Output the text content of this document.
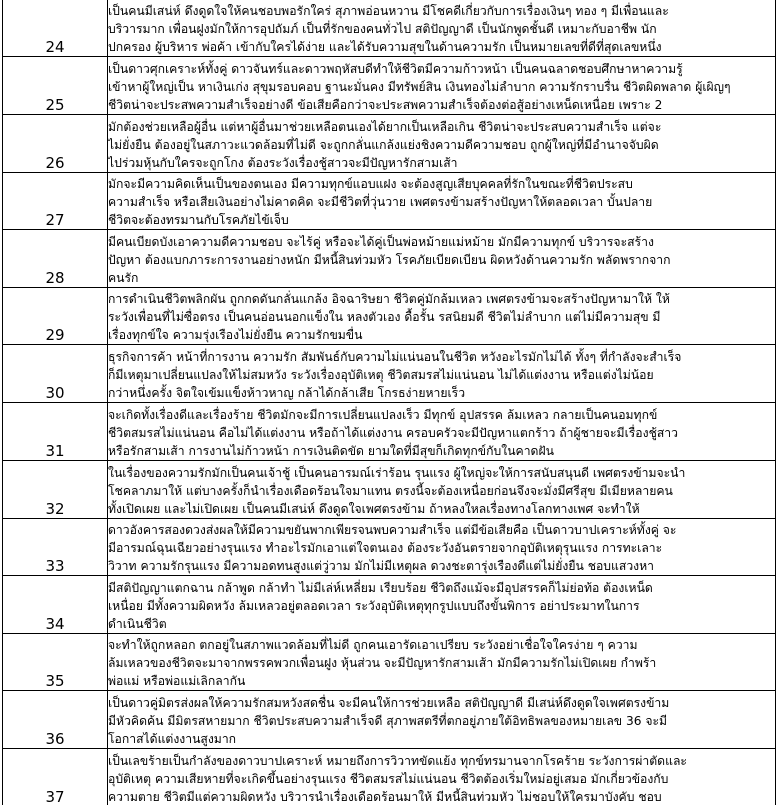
24	เป็นคนมีเสน่ห์ ดึงดูดใจให้คนชอบพอรักใคร่ สุภาพอ่อนหวาน มีโชคดีเกี่ยวกับการเรื่องเงินๆ ทอง ๆ มีเพื่อนและ
บริวารมาก เพื่อนฝูงมักให้การอุปถัมภ์ เป็นที่รักของคนทั่วไป สติปัญญาดี เป็นนักพูดชั้นดี เหมาะกับอาชีพ นัก
ปกครอง ผู้บริหาร พ่อค้า เข้ากับใครได้ง่าย และได้รับความสุขในด้านความรัก เป็นหมายเลขที่ดีที่สุดเลขหนึ่ง

25	เป็นดาวศุกเคราะห์ทั้งคู่ ดาวจันทร์และดาวพฤหัสบดีทำให้ชีวิตมีความก้าวหน้า เป็นคนฉลาดชอบศึกษาหาความรู้
เข้าหาผู้ใหญ่เป็น หาเงินเก่ง สุขุมรอบคอบ ฐานะมั่นคง มีทรัพย์สิน เงินทองไม่ลำบาก ความรักราบรื่น ชีวิตผิดพลาด ผู้เผิญๆ
ชีวิตน่าจะประสพความสำเร็จอย่างดี ข้อเสียคือกว่าจะประสพความสำเร็จต้องต่อสู้อย่างเหน็ดเหนื่อย เพราะ 2

26	มักต้องช่วยเหลือผู้อื่น แต่หาผู้อื่นมาช่วยเหลือตนเองได้ยากเป็นเหลือเกิน ชีวิตน่าจะประสบความสำเร็จ แต่จะ
ไม่ยั่งยืน ต้องอยู่ในสภาวะแวดล้อมที่ไม่ดี จะถูกกลั่นแกล้งแย่งชิงความดีความชอบ ถูกผู้ใหญ่ที่มีอำนาจจับผิด
ไปร่วมหุ้นกับใครจะถูกโกง ต้องระวังเรื่องชู้สาวจะมีปัญหารักสามเส้า

27	มักจะมีความคิดเห็นเป็นของตนเอง มีความทุกข์แอบแฝง จะต้องสูญเสียบุคคลที่รักในขณะที่ชีวิตประสบ
ความสำเร็จ หรือเสียเงินอย่างไม่คาดคิด จะมีชีวิตที่วุ่นวาย เพศตรงข้ามสร้างปัญหาให้ตลอดเวลา บั้นปลาย
ชีวิตจะต้องทรมานกับโรคภัยไข้เจ็บ

28	มีคนเบียดบังเอาความดีความชอบ จะไร้คู่ หรือจะได้คู่เป็นพ่อหม้ายแม่หม้าย มักมีความทุกข์ บริวารจะสร้าง
ปัญหา ต้องแบกภาระการงานอย่างหนัก มีหนี้สินท่วมหัว โรคภัยเบียดเบียน ผิดหวังด้านความรัก พลัดพรากจาก
คนรัก

29	การดำเนินชีวิตพลิกผัน ถูกกดดันกลั่นแกล้ง อิจฉาริษยา ชีวิตคู่มักล้มเหลว เพศตรงข้ามจะสร้างปัญหามาให้ ให้
ระวังเพื่อนที่ไม่ซื่อตรง เป็นคนอ่อนนอกแข็งใน หลงตัวเอง ดื้อรั้น รสนิยมดี ชีวิตไม่ลำบาก แต่ไม่มีความสุข มี
เรื่องทุกข์ใจ ความรุ่งเรืองไม่ยั่งยืน ความรักขมขื่น

30	ธุรกิจการค้า หน้าที่การงาน ความรัก สัมพันธ์กับความไม่แน่นอนในชีวิต หวังอะไรมักไม่ได้ ทั้งๆ ที่กำลังจะสำเร็จ
ก็มีเหตุมาเปลี่ยนแปลงให้ไม่สมหวัง ระวังเรื่องอุบัติเหตุ ชีวิตสมรสไม่แน่นอน ไม่ได้แต่งงาน หรือแต่งไม่น้อย
กว่าหนึ่งครั้ง จิตใจเข้มแข็งห้าวหาญ กล้าได้กล้าเสีย โกรธง่ายหายเร็ว

31	จะเกิดทั้งเรื่องดีและเรื่องร้าย ชีวิตมักจะมีการเปลี่ยนแปลงเร็ว มีทุกข์ อุปสรรค ล้มเหลว กลายเป็นคนอมทุกข์
ชีวิตสมรสไม่แน่นอน คือไม่ได้แต่งงาน หรือถ้าได้แต่งงาน ครอบครัวจะมีปัญหาแตกร้าว ถ้าผู้ชายจะมีเรื่องชู้สาว
หรือรักสามเส้า การงานไม่ก้าวหน้า การเงินติดขัด ยามใดที่มีสุขก็เกิดทุกข์กับในคาดฝัน

32	ในเรื่องของความรักมักเป็นคนเจ้าชู้ เป็นคนอารมณ์เร่าร้อน รุนแรง ผู้ใหญ่จะให้การสนับสนุนดี เพศตรงข้ามจะนำ
โชคลาภมาให้ แต่บางครั้งก็นำเรื่องเดือดร้อนใจมาแทน ตรงนี้จะต้องเหนื่อยก่อนจึงจะมั่งมีศรีสุข มีเมียหลายคน
ทั้งเปิดเผย และไม่เปิดเผย เป็นคนมีเสน่ห์ ดึงดูดใจเพศตรงข้าม ถ้าหลงใหลเรื่องทางโลกทางเพศ จะทำให้

33	ดาวอังคารสองดวงส่งผลให้มีความขยันพากเพียรจนพบความสำเร็จ แต่มีข้อเสียคือ เป็นดาวบาปเคราะห์ทั้งคู่ จะ
มีอารมณ์ฉุนเฉียวอย่างรุนแรง ทำอะไรมักเอาแต่ใจตนเอง ต้องระวังอันตรายจากอุบัติเหตุรุนแรง การทะเลาะ
วิวาท ความรักรุนแรง มีความอดทนสูงแต่วู่วาม มักไม่มีเหตุผล ดวงชะตารุ่งเรืองดีแต่ไม่ยั่งยืน ชอบแสวงหา

34	มีสติปัญญาแตกฉาน กล้าพูด กล้าทำ ไม่มีเล่ห์เหลี่ยม เรียบร้อย ชีวิตถึงแม้จะมีอุปสรรคก็ไม่ย่อท้อ ต้องเหน็ด
เหนื่อย มีทั้งความผิดหวัง ล้มเหลวอยู่ตลอดเวลา ระวังอุบัติเหตุทุกรูปแบบถึงขั้นพิการ อย่าประมาทในการ
ดำเนินชีวิต

35	จะทำให้ถูกหลอก ตกอยู่ในสภาพแวดล้อมที่ไม่ดี ถูกคนเอารัดเอาเปรียบ ระวังอย่าเชื่อใจใครง่าย ๆ ความ
ล้มเหลวของชีวิตจะมาจากพรรคพวกเพื่อนฝูง หุ้นส่วน จะมีปัญหารักสามเส้า มักมีความรักไม่เปิดเผย กำพร้า
พ่อแม่ หรือพ่อแม่เลิกลากัน

36	เป็นดาวคู่มิตรส่งผลให้ความรักสมหวังสดชื่น จะมีคนให้การช่วยเหลือ สติปัญญาดี มีเสน่ห์ดึงดูดใจเพศตรงข้าม
มีหัวคิดค้น มีมิตรสหายมาก ชีวิตประสบความสำเร็จดี สุภาพสตรีที่ตกอยู่ภายใต้อิทธิพลของหมายเลข 36 จะมี
โอกาสได้แต่งงานสูงมาก

37	เป็นเลขร้ายเป็นกำลังของดาวบาปเคราะห์ หมายถึงการวิวาทขัดแย้ง ทุกข์ทรมานจากโรคร้าย ระวังการผ่าตัดและ
อุบัติเหตุ ความเสียหายที่จะเกิดขึ้นอย่างรุนแรง ชีวิตสมรสไม่แน่นอน ชีวิตต้องเริ่มใหม่อยู่เสมอ มักเกี่ยวข้องกับ
ความตาย ชีวิตมีแต่ความผิดหวัง บริวารนำเรื่องเดือดร้อนมาให้ มีหนี้สินท่วมหัว ไม่ชอบให้ใครมาบังคับ ชอบ
